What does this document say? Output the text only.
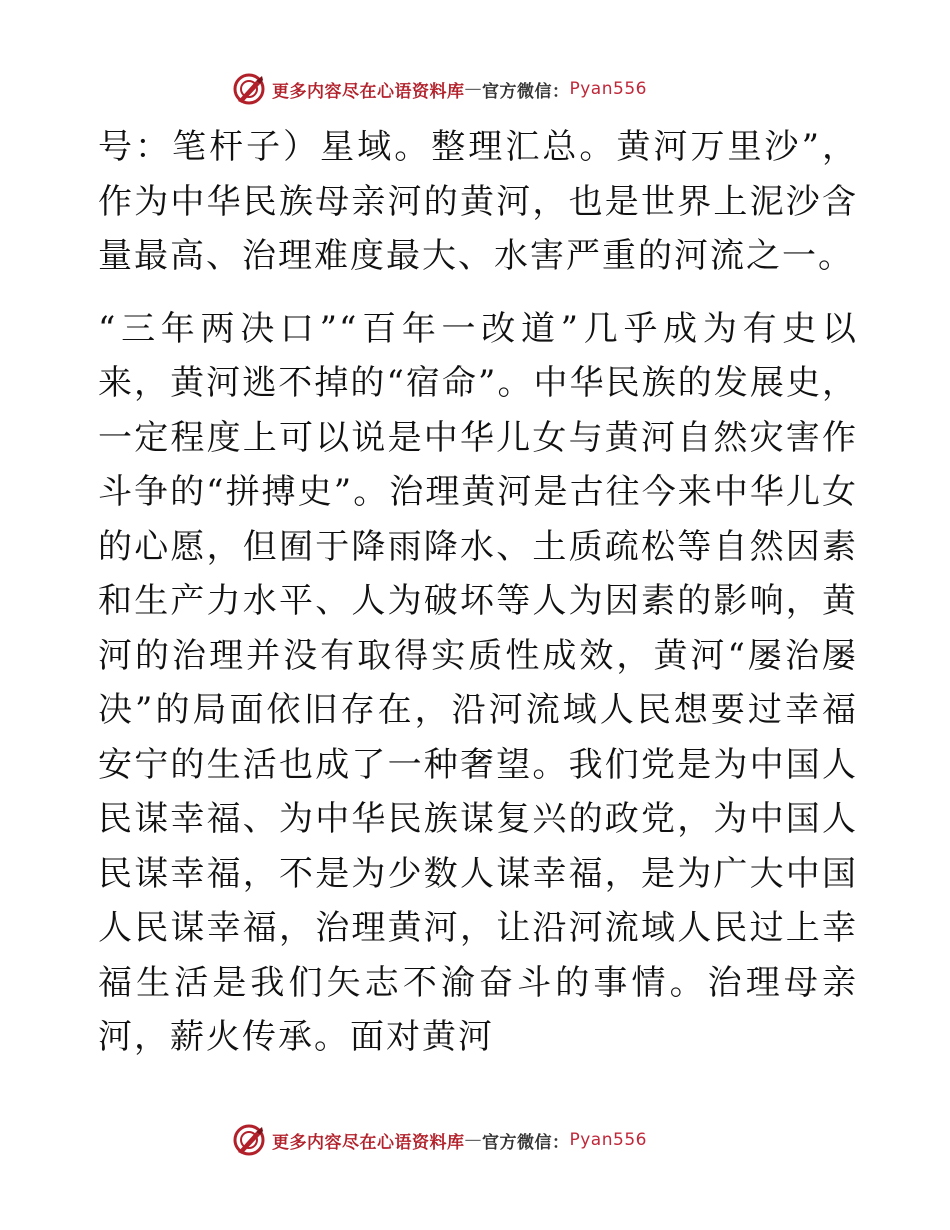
更多内容尽在心语资料库 — 官方微信： Pyan556

号：笔杆子）星域。整理汇总。黄河万里沙”，作为中华民族母亲河的黄河，也是世界上泥沙含量最高、治理难度最大、水害严重的河流之一。

“三年两决口”“百年一改道”几乎成为有史以来，黄河逃不掉的“宿命”。中华民族的发展史，一定程度上可以说是中华儿女与黄河自然灾害作斗争的“拼搏史”。治理黄河是古往今来中华儿女的心愿，但囿于降雨降水、土质疏松等自然因素和生产力水平、人为破坏等人为因素的影响，黄河的治理并没有取得实质性成效，黄河“屡治屡决”的局面依旧存在，沿河流域人民想要过幸福安宁的生活也成了一种奢望。我们党是为中国人民谋幸福、为中华民族谋复兴的政党，为中国人民谋幸福，不是为少数人谋幸福，是为广大中国人民谋幸福，治理黄河，让沿河流域人民过上幸福生活是我们矢志不渝奋斗的事情。治理母亲河，薪火传承。面对黄河

更多内容尽在心语资料库 — 官方微信： Pyan556
